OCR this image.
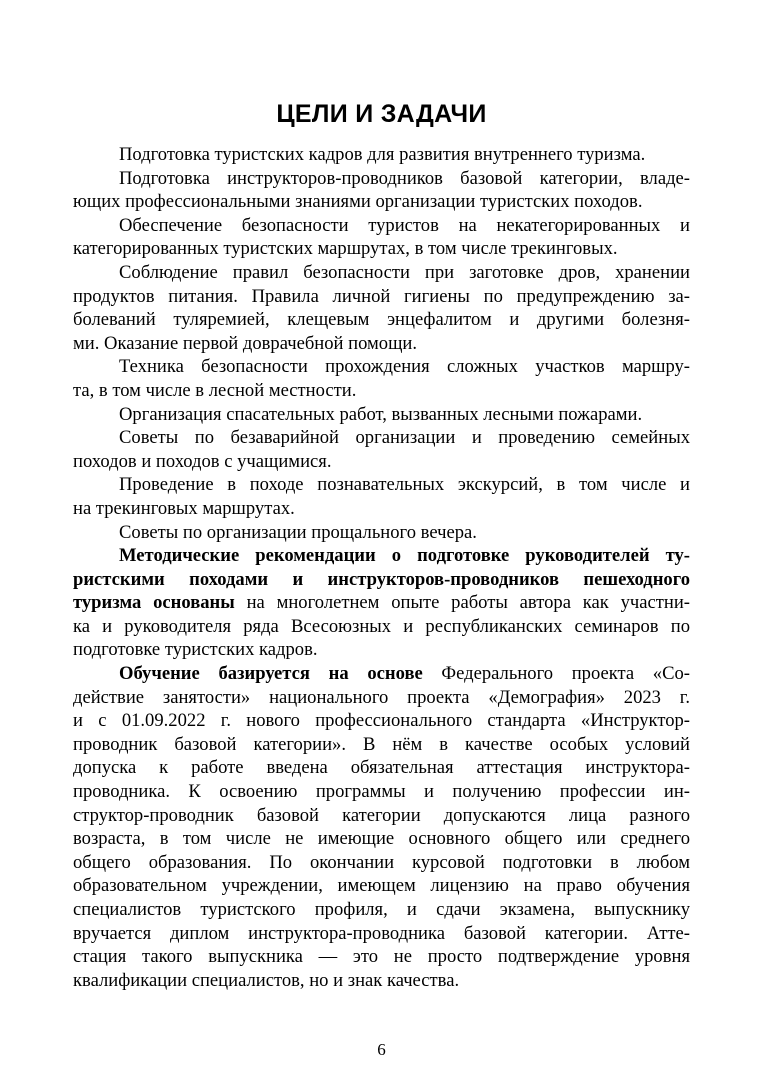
ЦЕЛИ И ЗАДАЧИ
Подготовка туристских кадров для развития внутреннего туризма.
Подготовка инструкторов-проводников базовой категории, владе-
ющих профессиональными знаниями организации туристских походов.
Обеспечение безопасности туристов на некатегорированных и
категорированных туристских маршрутах, в том числе трекинговых.
Соблюдение правил безопасности при заготовке дров, хранении
продуктов питания. Правила личной гигиены по предупреждению за-
болеваний туляремией, клещевым энцефалитом и другими болезня-
ми. Оказание первой доврачебной помощи.
Техника безопасности прохождения сложных участков маршру-
та, в том числе в лесной местности.
Организация спасательных работ, вызванных лесными пожарами.
Советы по безаварийной организации и проведению семейных
походов и походов с учащимися.
Проведение в походе познавательных экскурсий, в том числе и
на трекинговых маршрутах.
Советы по организации прощального вечера.
Методические рекомендации о подготовке руководителей ту-
ристскими походами и инструкторов-проводников пешеходного
туризма основаны на многолетнем опыте работы автора как участни-
ка и руководителя ряда Всесоюзных и республиканских семинаров по
подготовке туристских кадров.
Обучение базируется на основе Федерального проекта «Со-
действие занятости» национального проекта «Демография» 2023 г.
и с 01.09.2022 г. нового профессионального стандарта «Инструктор-
проводник базовой категории». В нём в качестве особых условий
допуска к работе введена обязательная аттестация инструктора-
проводника. К освоению программы и получению профессии ин-
структор-проводник базовой категории допускаются лица разного
возраста, в том числе не имеющие основного общего или среднего
общего образования. По окончании курсовой подготовки в любом
образовательном учреждении, имеющем лицензию на право обучения
специалистов туристского профиля, и сдачи экзамена, выпускнику
вручается диплом инструктора-проводника базовой категории. Атте-
стация такого выпускника — это не просто подтверждение уровня
квалификации специалистов, но и знак качества.
6
